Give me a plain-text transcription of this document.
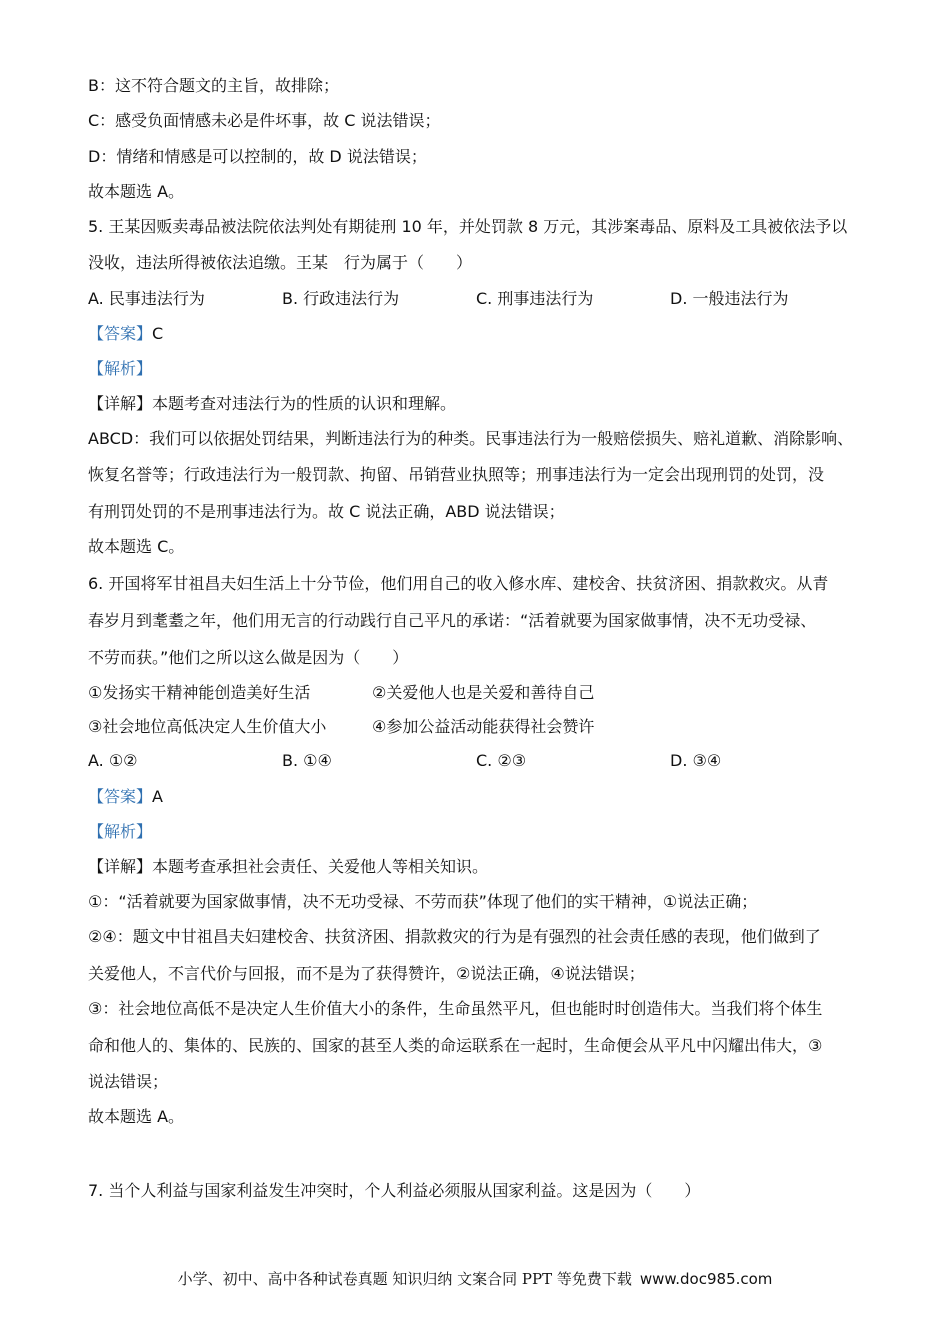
B：这不符合题文的主旨，故排除；
C：感受负面情感未必是件坏事，故 C 说法错误；
D：情绪和情感是可以控制的，故 D 说法错误；
故本题选 A。
5. 王某因贩卖毒品被法院依法判处有期徒刑 10 年，并处罚款 8 万元，其涉案毒品、原料及工具被依法予以
没收，违法所得被依法追缴。王某　行为属于（　　）
A. 民事违法行为	B. 行政违法行为	C. 刑事违法行为	D. 一般违法行为
【答案】C
【解析】
【详解】本题考查对违法行为的性质的认识和理解。
ABCD：我们可以依据处罚结果，判断违法行为的种类。民事违法行为一般赔偿损失、赔礼道歉、消除影响、
恢复名誉等；行政违法行为一般罚款、拘留、吊销营业执照等；刑事违法行为一定会出现刑罚的处罚，没
有刑罚处罚的不是刑事违法行为。故 C 说法正确，ABD 说法错误；
故本题选 C。
6. 开国将军甘祖昌夫妇生活上十分节俭，他们用自己的收入修水库、建校舍、扶贫济困、捐款救灾。从青
春岁月到耄耋之年，他们用无言的行动践行自己平凡的承诺：“活着就要为国家做事情，决不无功受禄、
不劳而获。”他们之所以这么做是因为（　　）
①发扬实干精神能创造美好生活	②关爱他人也是关爱和善待自己
③社会地位高低决定人生价值大小	④参加公益活动能获得社会赞许
A. ①②	B. ①④	C. ②③	D. ③④
【答案】A
【解析】
【详解】本题考查承担社会责任、关爱他人等相关知识。
①：“活着就要为国家做事情，决不无功受禄、不劳而获”体现了他们的实干精神，①说法正确；
②④：题文中甘祖昌夫妇建校舍、扶贫济困、捐款救灾的行为是有强烈的社会责任感的表现，他们做到了
关爱他人，不言代价与回报，而不是为了获得赞许，②说法正确，④说法错误；
③：社会地位高低不是决定人生价值大小的条件，生命虽然平凡，但也能时时创造伟大。当我们将个体生
命和他人的、集体的、民族的、国家的甚至人类的命运联系在一起时，生命便会从平凡中闪耀出伟大，③
说法错误；
故本题选 A。
7. 当个人利益与国家利益发生冲突时，个人利益必须服从国家利益。这是因为（　　）
小学、初中、高中各种试卷真题 知识归纳 文案合同 PPT 等免费下载 www.doc985.com
